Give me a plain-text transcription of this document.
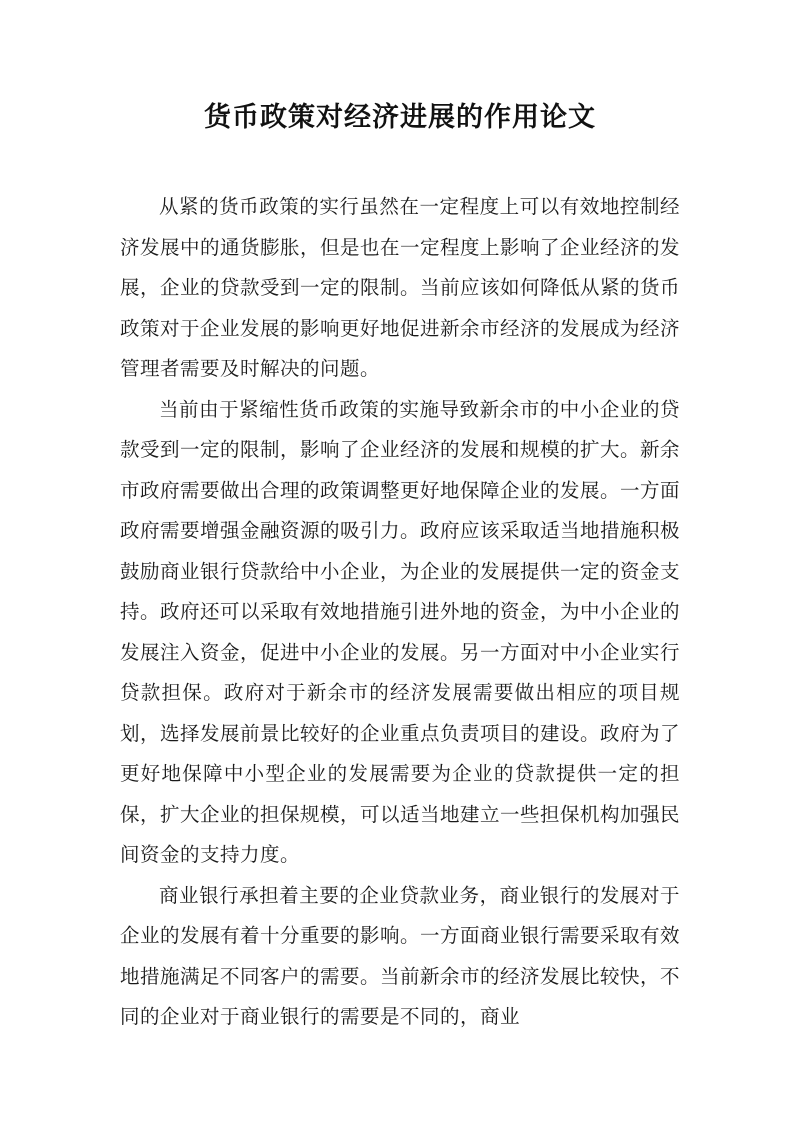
货币政策对经济进展的作用论文

从紧的货币政策的实行虽然在一定程度上可以有效地控制经济发展中的通货膨胀，但是也在一定程度上影响了企业经济的发展，企业的贷款受到一定的限制。当前应该如何降低从紧的货币政策对于企业发展的影响更好地促进新余市经济的发展成为经济管理者需要及时解决的问题。

当前由于紧缩性货币政策的实施导致新余市的中小企业的贷款受到一定的限制，影响了企业经济的发展和规模的扩大。新余市政府需要做出合理的政策调整更好地保障企业的发展。一方面政府需要增强金融资源的吸引力。政府应该采取适当地措施积极鼓励商业银行贷款给中小企业，为企业的发展提供一定的资金支持。政府还可以采取有效地措施引进外地的资金，为中小企业的发展注入资金，促进中小企业的发展。另一方面对中小企业实行贷款担保。政府对于新余市的经济发展需要做出相应的项目规划，选择发展前景比较好的企业重点负责项目的建设。政府为了更好地保障中小型企业的发展需要为企业的贷款提供一定的担保，扩大企业的担保规模，可以适当地建立一些担保机构加强民间资金的支持力度。

商业银行承担着主要的企业贷款业务，商业银行的发展对于企业的发展有着十分重要的影响。一方面商业银行需要采取有效地措施满足不同客户的需要。当前新余市的经济发展比较快，不同的企业对于商业银行的需要是不同的，商业
